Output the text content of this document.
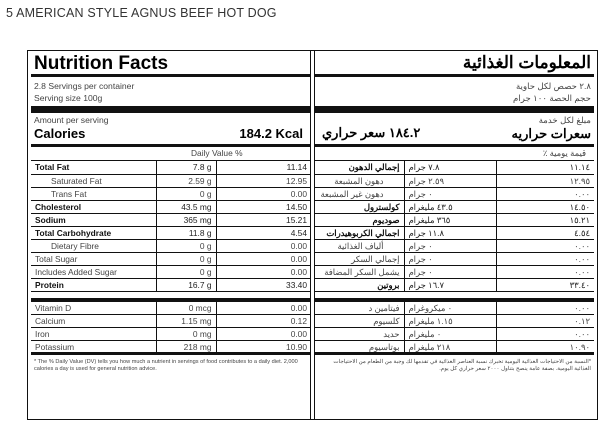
5 AMERICAN STYLE AGNUS BEEF HOT DOG
Nutrition Facts
2.8 Servings per container
Serving size 100g
Amount per serving
Calories	184.2 Kcal
Daily Value %
Total Fat	7.8 g	11.14
Saturated Fat	2.59 g	12.95
Trans Fat	0 g	0.00
Cholesterol	43.5 mg	14.50
Sodium	365 mg	15.21
Total Carbohydrate	11.8 g	4.54
Dietary Fibre	0 g	0.00
Total Sugar	0 g	0.00
Includes Added Sugar	0 g	0.00
Protein	16.7 g	33.40
Vitamin D	0 mcg	0.00
Calcium	1.15 mg	0.12
Iron	0 mg	0.00
Potassium	218 mg	10.90
* The % Daily Value (DV) tells you how much a nutrient in servings of food contributes to a daily diet. 2,000 calories a day is used for general nutrition advice.
المعلومات الغذائية
٢.٨ حصص لكل حاوية
حجم الحصة ١٠٠ جرام
مبلغ لكل خدمة
سعرات حراريه
١٨٤.٢ سعر حراري
قيمة يومية ٪
١١.١٤	٧.٨ جرام	إجمالي الدهون
١٢.٩٥	٢.٥٩ جرام	دهون المشبعة
٠.٠٠	٠ جرام	دهون غير المشبعة
١٤.٥٠	٤٣.٥ مليغرام	كولسترول
١٥.٢١	٣٦٥ مليغرام	صوديوم
٤.٥٤	١١.٨ جرام	اجمالي الكربوهيدرات
٠.٠٠	٠ جرام	ألياف الغذائية
٠.٠٠	٠ جرام	إجمالي السكر
٠.٠٠	٠ جرام	يشمل السكر المضافة
٣٣.٤٠	١٦.٧ جرام	بروتين
٠.٠٠	٠ ميكروغرام	فيتامين د
٠.١٢	١.١٥ مليغرام	كلسيوم
٠.٠٠	٠ مليغرام	حديد
١٠.٩٠	٢١٨ مليغرام	بوتاسيوم
*النسبة من الاحتياجات الغذائية اليومية تخبرك نسبة العناصر الغذائية في تقدمها لك وجبة من الطعام من الاحتياجات الغذائية اليومية. بصفة عامة ينصح بتناول ٢٠٠٠ سعر حراري كل يوم.
